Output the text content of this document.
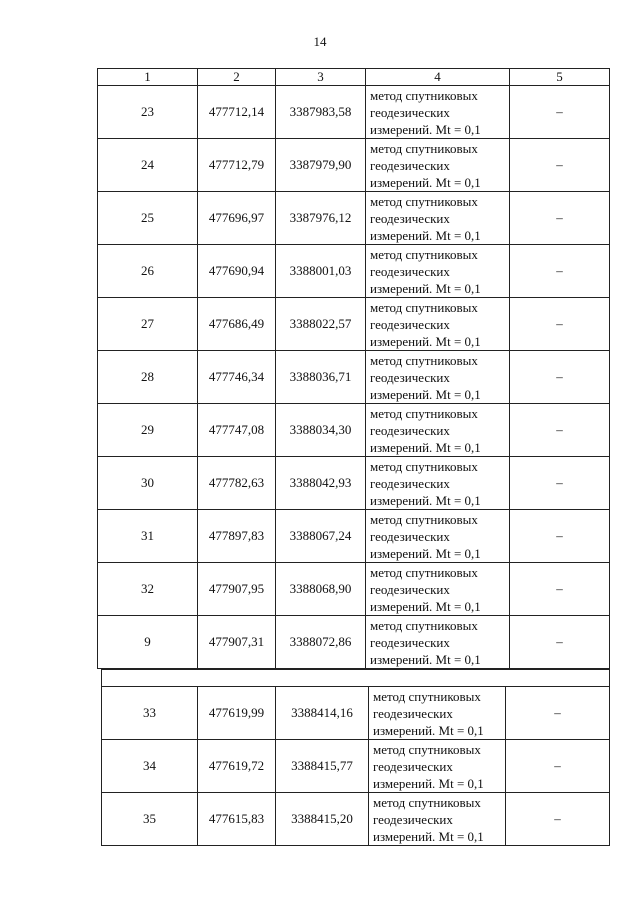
14
1	2	3	4	5
23	477712,14	3387983,58	метод спутниковых
геодезических
измерений. Mt = 0,1	–
24	477712,79	3387979,90	метод спутниковых
геодезических
измерений. Mt = 0,1	–
25	477696,97	3387976,12	метод спутниковых
геодезических
измерений. Mt = 0,1	–
26	477690,94	3388001,03	метод спутниковых
геодезических
измерений. Mt = 0,1	–
27	477686,49	3388022,57	метод спутниковых
геодезических
измерений. Mt = 0,1	–
28	477746,34	3388036,71	метод спутниковых
геодезических
измерений. Mt = 0,1	–
29	477747,08	3388034,30	метод спутниковых
геодезических
измерений. Mt = 0,1	–
30	477782,63	3388042,93	метод спутниковых
геодезических
измерений. Mt = 0,1	–
31	477897,83	3388067,24	метод спутниковых
геодезических
измерений. Mt = 0,1	–
32	477907,95	3388068,90	метод спутниковых
геодезических
измерений. Mt = 0,1	–
9	477907,31	3388072,86	метод спутниковых
геодезических
измерений. Mt = 0,1	–

33	477619,99	3388414,16	метод спутниковых
геодезических
измерений. Mt = 0,1	–
34	477619,72	3388415,77	метод спутниковых
геодезических
измерений. Mt = 0,1	–
35	477615,83	3388415,20	метод спутниковых
геодезических
измерений. Mt = 0,1	–
